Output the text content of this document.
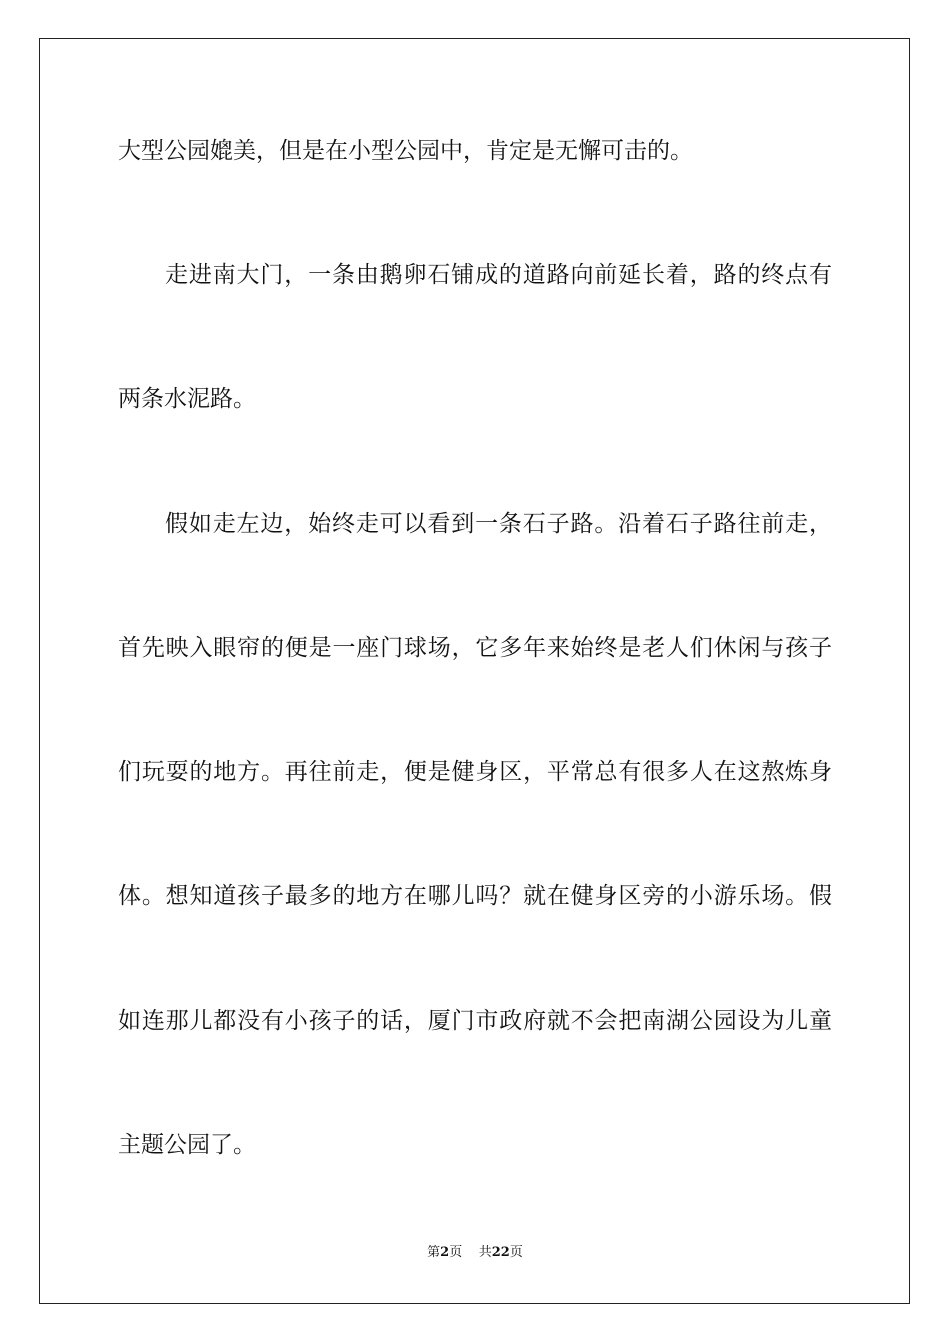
大型公园媲美，但是在小型公园中，肯定是无懈可击的。

走进南大门，一条由鹅卵石铺成的道路向前延长着，路的终点有

两条水泥路。

假如走左边，始终走可以看到一条石子路。沿着石子路往前走，

首先映入眼帘的便是一座门球场，它多年来始终是老人们休闲与孩子

们玩耍的地方。再往前走，便是健身区，平常总有很多人在这熬炼身

体。想知道孩子最多的地方在哪儿吗？就在健身区旁的小游乐场。假

如连那儿都没有小孩子的话，厦门市政府就不会把南湖公园设为儿童

主题公园了。

第2页 共22页
